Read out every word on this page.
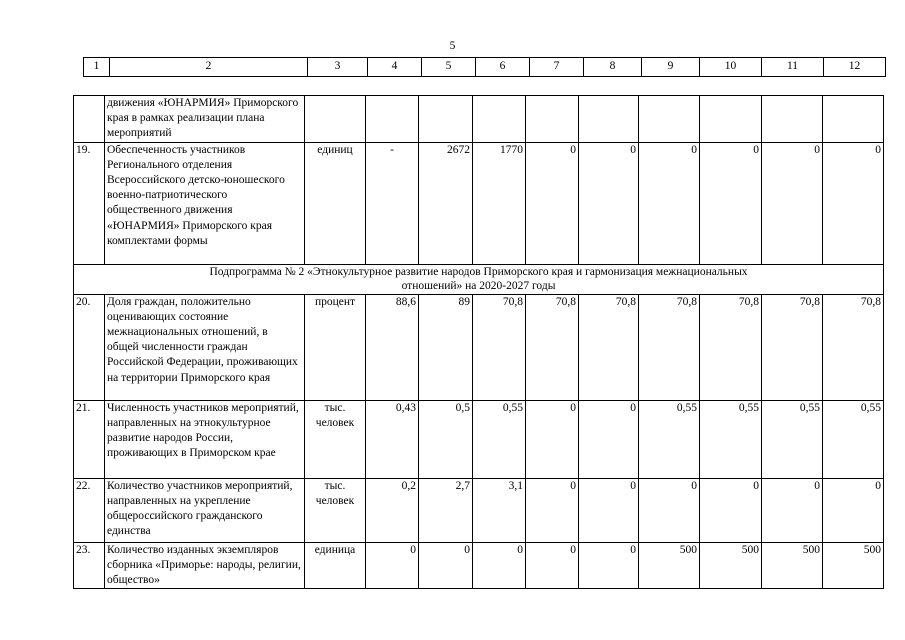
5
1	2	3	4	5	6	7	8	9	10	11	12
	движения «ЮНАРМИЯ» Приморского края в рамках реализации плана мероприятий										
19.	Обеспеченность участников Регионального отделения Всероссийского детско-юношеского военно-патриотического общественного движения «ЮНАРМИЯ» Приморского края комплектами формы	единиц	-	2672	1770	0	0	0	0	0	0

Подпрограмма № 2 «Этнокультурное развитие народов Приморского края и гармонизация межнациональных отношений» на 2020-2027 годы											

20.	Доля граждан, положительно оценивающих состояние межнациональных отношений, в общей численности граждан Российской Федерации, проживающих на территории Приморского края	процент	88,6	89	70,8	70,8	70,8	70,8	70,8	70,8	70,8
21.	Численность участников мероприятий, направленных на этнокультурное развитие народов России, проживающих в Приморском крае	тыс. человек	0,43	0,5	0,55	0	0	0,55	0,55	0,55	0,55
22.	Количество участников мероприятий, направленных на укрепление общероссийского гражданского единства	тыс. человек	0,2	2,7	3,1	0	0	0	0	0	0
23.	Количество изданных экземпляров сборника «Приморье: народы, религии, общество»	единица	0	0	0	0	0	500	500	500	500
